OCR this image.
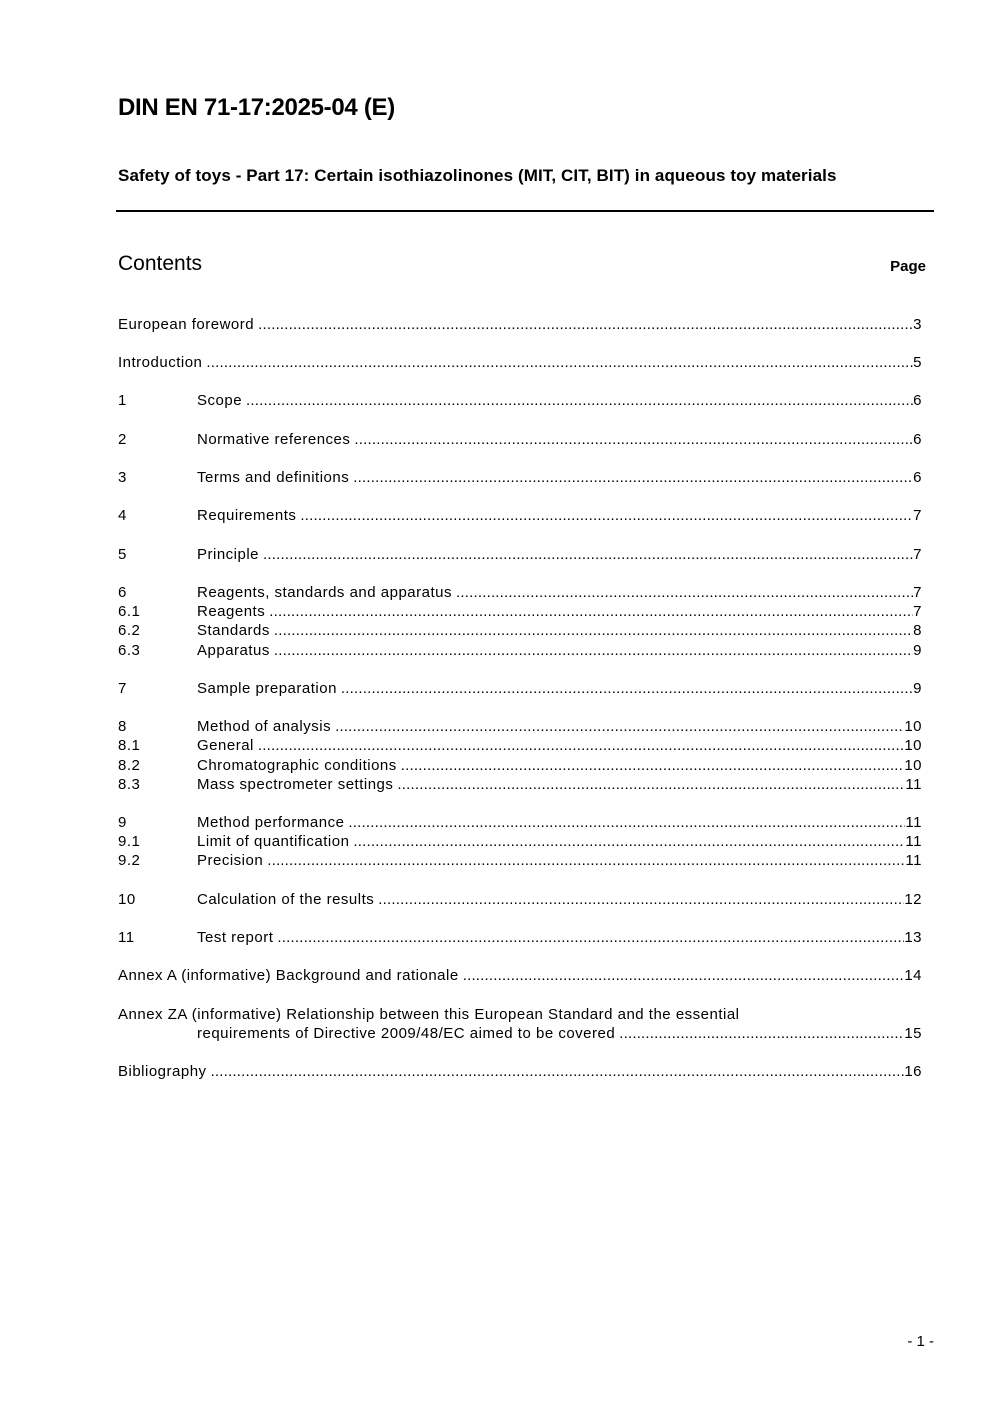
DIN EN 71-17:2025-04 (E)
Safety of toys - Part 17: Certain isothiazolinones (MIT, CIT, BIT) in aqueous toy materials
Contents	Page
European foreword .....	3
Introduction .....	5
1	Scope .....	6
2	Normative references .....	6
3	Terms and definitions .....	6
4	Requirements .....	7
5	Principle .....	7
6	Reagents, standards and apparatus .....	7
6.1	Reagents .....	7
6.2	Standards .....	8
6.3	Apparatus .....	9
7	Sample preparation .....	9
8	Method of analysis .....	10
8.1	General .....	10
8.2	Chromatographic conditions .....	10
8.3	Mass spectrometer settings .....	11
9	Method performance .....	11
9.1	Limit of quantification .....	11
9.2	Precision .....	11
10	Calculation of the results .....	12
11	Test report .....	13
Annex A (informative) Background and rationale .....	14
Annex ZA (informative) Relationship between this European Standard and the essential
requirements of Directive 2009/48/EC aimed to be covered .....	15
Bibliography .....	16
- 1 -
